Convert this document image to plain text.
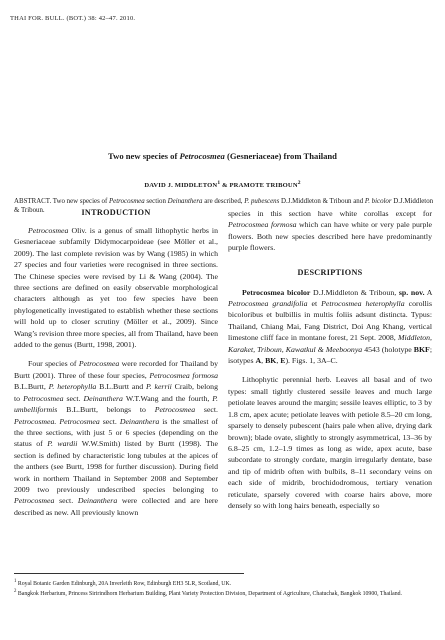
THAI FOR. BULL. (BOT.) 38: 42–47. 2010.
Two new species of Petrocosmea (Gesneriaceae) from Thailand
DAVID J. MIDDLETON$^1$ & PRAMOTE TRIBOUN$^2$
ABSTRACT. Two new species of Petrocosmea section Deinanthera are described, P. pubescens D.J.Middleton & Triboun and P. bicolor D.J.Middleton & Triboun.	INTRODUCTION

Petrocosmea Oliv. is a genus of small lithophytic herbs in Gesneriaceae subfamily Didymocarpoideae (see Möller et al., 2009). The last complete revision was by Wang (1985) in which 27 species and four varieties were recognised in three sections. The Chinese species were revised by Li & Wang (2004). The three sections are defined on easily observable morphological characters although as yet too few species have been phylogenetically investigated to establish whether these sections will hold up to closer scrutiny (Möller et al., 2009). Since Wang’s revision three more species, all from Thailand, have been added to the genus (Burtt, 1998, 2001).

Four species of Petrocosmea were recorded for Thailand by Burtt (2001). Three of these four species, Petrocosmea formosa B.L.Burtt, P. heterophylla B.L.Burtt and P. kerrii Craib, belong to Petrocosmea sect. Deinanthera W.T.Wang and the fourth, P. umbelliformis B.L.Burtt, belongs to Petrocosmea sect. Petrocosmea. Petrocosmea sect. Deinanthera is the smallest of the three sections, with just 5 or 6 species (depending on the status of P. wardii W.W.Smith) listed by Burtt (1998). The section is defined by characteristic long tubules at the apices of the anthers (see Burtt, 1998 for further discussion). During field work in northern Thailand in September 2008 and September 2009 two previously undescribed species belonging to Petrocosmea sect. Deinanthera were collected and are here described as new. All previously known

species in this section have white corollas except for Petrocosmea formosa which can have white or very pale purple flowers. Both new species described here have predominantly purple flowers.

DESCRIPTIONS

Petrocosmea bicolor D.J.Middleton & Triboun, sp. nov. A Petrocosmea grandifolia et Petrocosmea heterophylla corollis bicoloribus et bulbillis in multis foliis adsunt distincta. Typus: Thailand, Chiang Mai, Fang District, Doi Ang Khang, vertical limestone cliff face in montane forest, 21 Sept. 2008, Middleton, Karaket, Triboun, Kawatkul & Meeboonya 4543 (holotype BKF; isotypes A, BK, E). Figs. 1, 3A–C.

Lithophytic perennial herb. Leaves all basal and of two types: small tightly clustered sessile leaves and much large petiolate leaves around the margin; sessile leaves elliptic, to 3 by 1.8 cm, apex acute; petiolate leaves with petiole 8.5–20 cm long, sparsely to densely pubescent (hairs pale when alive, drying dark brown); blade ovate, slightly to strongly asymmetrical, 13–36 by 6.8–25 cm, 1.2–1.9 times as long as wide, apex acute, base subcordate to strongly cordate, margin irregularly dentate, base and tip of midrib often with bulbils, 8–11 secondary veins on each side of midrib, brochidodromous, tertiary venation reticulate, sparsely covered with coarse hairs above, more densely so with long hairs beneath, especially so

$^1$ Royal Botanic Garden Edinburgh, 20A Inverleith Row, Edinburgh EH3 5LR, Scotland, UK.
$^2$ Bangkok Herbarium, Princess Siririndhorn Herbarium Building, Plant Variety Protection Division, Department of Agriculture, Chatuchak, Bangkok 10900, Thailand.
